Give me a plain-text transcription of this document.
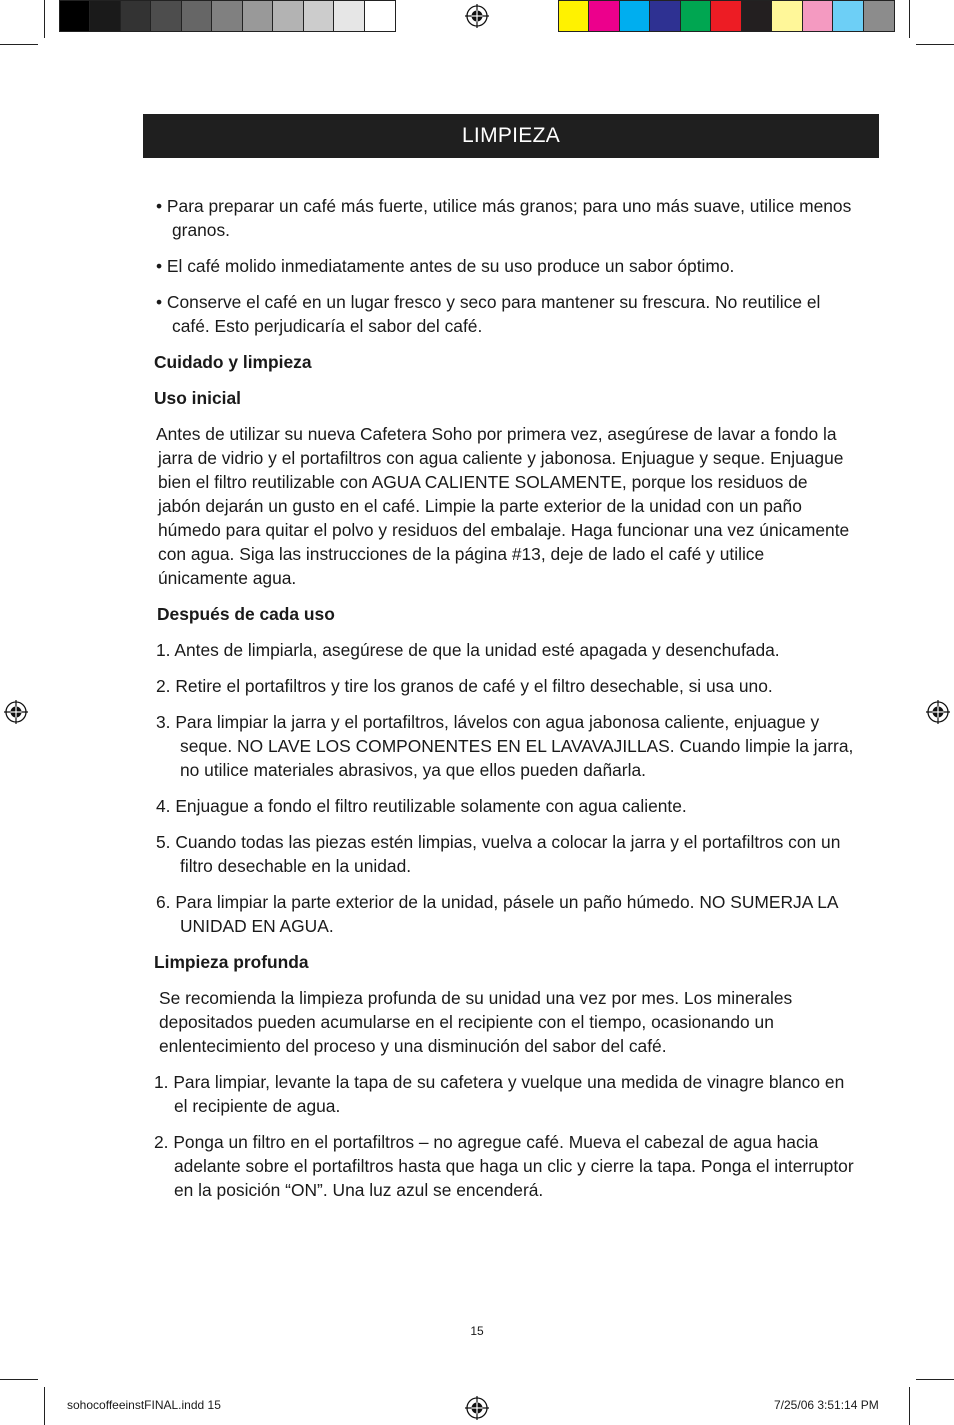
LIMPIEZA

• Para preparar un café más fuerte, utilice más granos; para uno más suave, utilice menos granos.

• El café molido inmediatamente antes de su uso produce un sabor óptimo.

• Conserve el café en un lugar fresco y seco para mantener su frescura. No reutilice el café. Esto perjudicaría el sabor del café.

Cuidado y limpieza

Uso inicial

Antes de utilizar su nueva Cafetera Soho por primera vez, asegúrese de lavar a fondo la jarra de vidrio y el portafiltros con agua caliente y jabonosa. Enjuague y seque. Enjuague bien el filtro reutilizable con AGUA CALIENTE SOLAMENTE, porque los residuos de jabón dejarán un gusto en el café. Limpie la parte exterior de la unidad con un paño húmedo para quitar el polvo y residuos del embalaje. Haga funcionar una vez únicamente con agua. Siga las instrucciones de la página #13, deje de lado el café y utilice únicamente agua.

Después de cada uso

1. Antes de limpiarla, asegúrese de que la unidad esté apagada y desenchufada.

2. Retire el portafiltros y tire los granos de café y el filtro desechable, si usa uno.

3. Para limpiar la jarra y el portafiltros, lávelos con agua jabonosa caliente, enjuague y seque. NO LAVE LOS COMPONENTES EN EL LAVAVAJILLAS. Cuando limpie la jarra, no utilice materiales abrasivos, ya que ellos pueden dañarla.

4. Enjuague a fondo el filtro reutilizable solamente con agua caliente.

5. Cuando todas las piezas estén limpias, vuelva a colocar la jarra y el portafiltros con un filtro desechable en la unidad.

6. Para limpiar la parte exterior de la unidad, pásele un paño húmedo. NO SUMERJA LA UNIDAD EN AGUA.

Limpieza profunda

Se recomienda la limpieza profunda de su unidad una vez por mes. Los minerales depositados pueden acumularse en el recipiente con el tiempo, ocasionando un enlentecimiento del proceso y una disminución del sabor del café.

1. Para limpiar, levante la tapa de su cafetera y vuelque una medida de vinagre blanco en el recipiente de agua.

2. Ponga un filtro en el portafiltros – no agregue café. Mueva el cabezal de agua hacia adelante sobre el portafiltros hasta que haga un clic y cierre la tapa. Ponga el interruptor en la posición “ON”. Una luz azul se encenderá.

15
sohocoffeeinstFINAL.indd 15	7/25/06 3:51:14 PM
